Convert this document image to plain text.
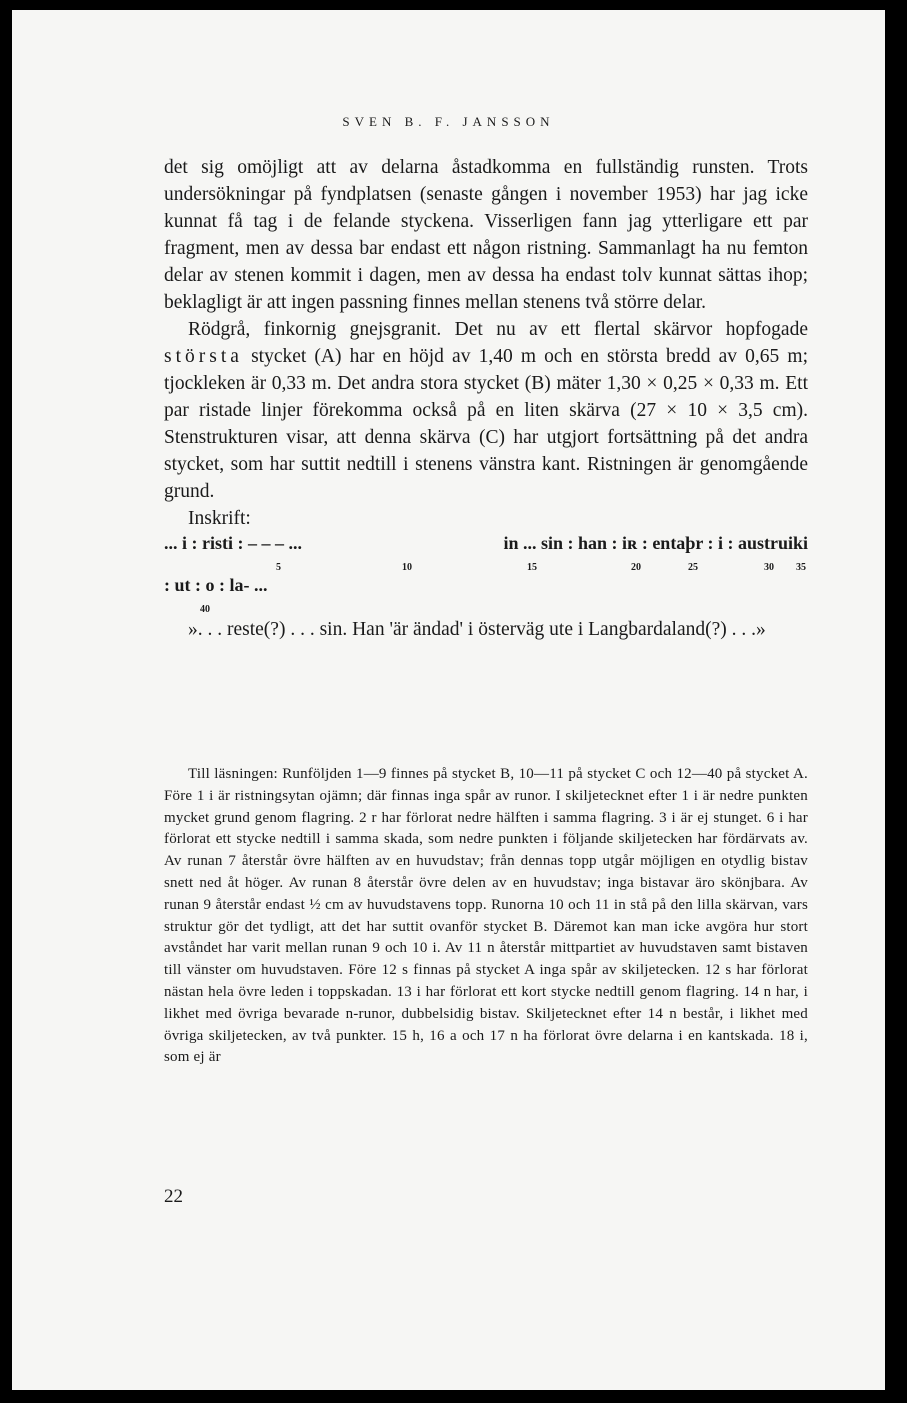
SVEN B. F. JANSSON

det sig omöjligt att av delarna åstadkomma en fullständig runsten. Trots undersökningar på fyndplatsen (senaste gången i november 1953) har jag icke kunnat få tag i de felande styckena. Visserligen fann jag ytterligare ett par fragment, men av dessa bar endast ett någon ristning. Sammanlagt ha nu femton delar av stenen kommit i dagen, men av dessa ha endast tolv kunnat sättas ihop; beklagligt är att ingen passning finnes mellan stenens två större delar.

Rödgrå, finkornig gnejsgranit. Det nu av ett flertal skärvor hopfogade största stycket (A) har en höjd av 1,40 m och en största bredd av 0,65 m; tjockleken är 0,33 m. Det andra stora stycket (B) mäter 1,30 × 0,25 × 0,33 m. Ett par ristade linjer förekomma också på en liten skärva (27 × 10 × 3,5 cm). Stenstrukturen visar, att denna skärva (C) har utgjort fortsättning på det andra stycket, som har suttit nedtill i stenens vänstra kant. Ristningen är genomgående grund.

Inskrift:

... i : risti : – – – ...	in ... sin : han : iʀ : entaþr : i : austruiki
5	10	15	20	25	30 35
: ut : o : la- ...
40

». . . reste(?) . . . sin. Han 'är ändad' i österväg ute i Langbardaland(?) . . .»

Till läsningen: Runföljden 1—9 finnes på stycket B, 10—11 på stycket C och 12—40 på stycket A. Före 1 i är ristningsytan ojämn; där finnas inga spår av runor. I skiljetecknet efter 1 i är nedre punkten mycket grund genom flagring. 2 r har förlorat nedre hälften i samma flagring. 3 i är ej stunget. 6 i har förlorat ett stycke nedtill i samma skada, som nedre punkten i följande skiljetecken har fördärvats av. Av runan 7 återstår övre hälften av en huvudstav; från dennas topp utgår möjligen en otydlig bistav snett ned åt höger. Av runan 8 återstår övre delen av en huvudstav; inga bistavar äro skönjbara. Av runan 9 återstår endast ½ cm av huvudstavens topp. Runorna 10 och 11 in stå på den lilla skärvan, vars struktur gör det tydligt, att det har suttit ovanför stycket B. Däremot kan man icke avgöra hur stort avståndet har varit mellan runan 9 och 10 i. Av 11 n återstår mittpartiet av huvudstaven samt bistaven till vänster om huvudstaven. Före 12 s finnas på stycket A inga spår av skiljetecken. 12 s har förlorat nästan hela övre leden i toppskadan. 13 i har förlorat ett kort stycke nedtill genom flagring. 14 n har, i likhet med övriga bevarade n-runor, dubbelsidig bistav. Skiljetecknet efter 14 n består, i likhet med övriga skiljetecken, av två punkter. 15 h, 16 a och 17 n ha förlorat övre delarna i en kantskada. 18 i, som ej är

22
